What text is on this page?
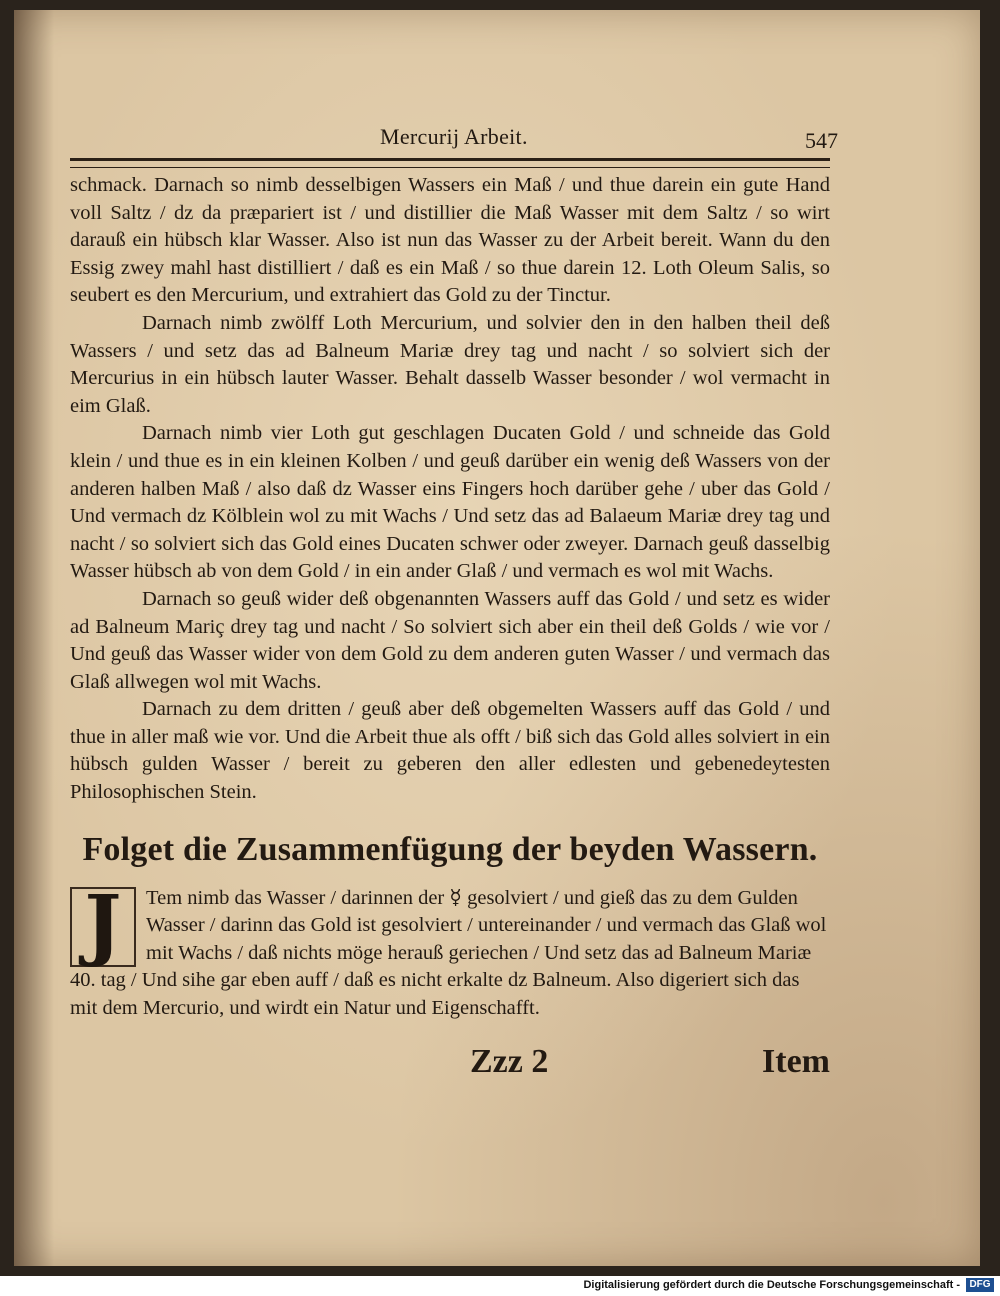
Mercurij Arbeit.	547

schmack. Darnach so nimb desselbigen Wassers ein Maß / und thue darein ein gute Hand voll Saltz / dz da præpariert ist / und distillier die Maß Wasser mit dem Saltz / so wirt darauß ein hübsch klar Wasser. Also ist nun das Wasser zu der Arbeit bereit. Wann du den Essig zwey mahl hast distilliert / daß es ein Maß / so thue darein 12. Loth Oleum Salis, so seubert es den Mercurium, und extrahiert das Gold zu der Tinctur.

Darnach nimb zwölff Loth Mercurium, und solvier den in den halben theil deß Wassers / und setz das ad Balneum Mariæ drey tag und nacht / so solviert sich der Mercurius in ein hübsch lauter Wasser. Behalt dasselb Wasser besonder / wol vermacht in eim Glaß.

Darnach nimb vier Loth gut geschlagen Ducaten Gold / und schneide das Gold klein / und thue es in ein kleinen Kolben / und geuß darüber ein wenig deß Wassers von der anderen halben Maß / also daß dz Wasser eins Fingers hoch darüber gehe / uber das Gold / Und vermach dz Kölblein wol zu mit Wachs / Und setz das ad Balaeum Mariæ drey tag und nacht / so solviert sich das Gold eines Ducaten schwer oder zweyer. Darnach geuß dasselbig Wasser hübsch ab von dem Gold / in ein ander Glaß / und vermach es wol mit Wachs.

Darnach so geuß wider deß obgenannten Wassers auff das Gold / und setz es wider ad Balneum Mariç drey tag und nacht / So solviert sich aber ein theil deß Golds / wie vor / Und geuß das Wasser wider von dem Gold zu dem anderen guten Wasser / und vermach das Glaß allwegen wol mit Wachs.

Darnach zu dem dritten / geuß aber deß obgemelten Wassers auff das Gold / und thue in aller maß wie vor. Und die Arbeit thue als offt / biß sich das Gold alles solviert in ein hübsch gulden Wasser / bereit zu geberen den aller edlesten und gebenedeytesten Philosophischen Stein.

Folget die Zusammenfügung der beyden Wassern.
J	Tem nimb das Wasser / darinnen der ☿ gesolviert / und gieß das zu dem Gulden Wasser / darinn das Gold ist gesolviert / untereinander / und vermach das Glaß wol mit Wachs / daß nichts möge herauß geriechen / Und setz das ad Balneum Mariæ 40. tag / Und sihe gar eben auff / daß es nicht erkalte dz Balneum. Also digeriert sich das mit dem Mercurio, und wirdt ein Natur und Eigenschafft.
Zzz 2	Item
Digitalisierung gefördert durch die Deutsche Forschungsgemeinschaft - DFG
